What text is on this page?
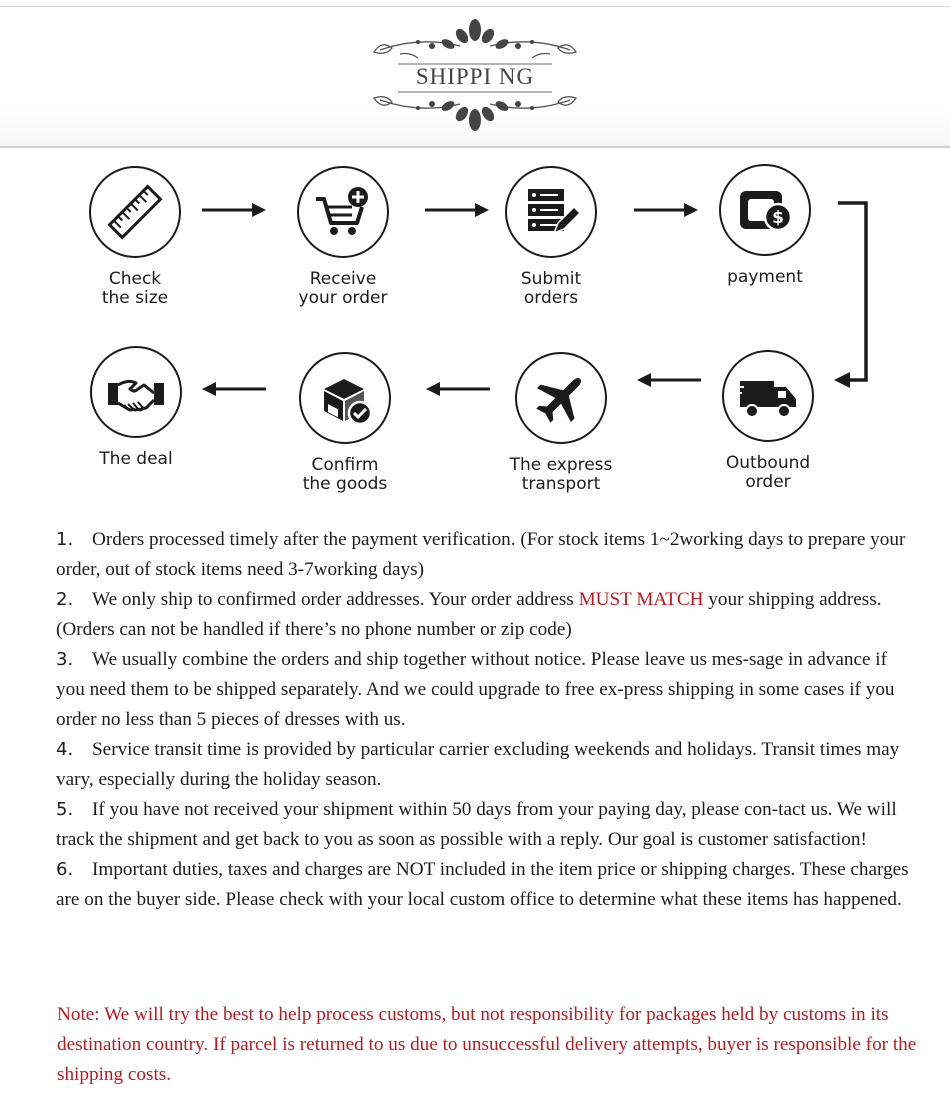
SHIPPI NG
Check
the size
Receive
your order
Submit
orders
$
payment
Outbound
order
The express
transport
Confirm
the goods
The deal
1. Orders processed timely after the payment verification. (For stock items 1~2working days to prepare your order, out of stock items need 3-7working days)
2. We only ship to confirmed order addresses. Your order address MUST MATCH your shipping address. (Orders can not be handled if there’s no phone number or zip code)
3. We usually combine the orders and ship together without notice. Please leave us mes-sage in advance if you need them to be shipped separately. And we could upgrade to free ex-press shipping in some cases if you order no less than 5 pieces of dresses with us.
4. Service transit time is provided by particular carrier excluding weekends and holidays. Transit times may vary, especially during the holiday season.
5. If you have not received your shipment within 50 days from your paying day, please con-tact us. We will track the shipment and get back to you as soon as possible with a reply. Our goal is customer satisfaction!
6. Important duties, taxes and charges are NOT included in the item price or shipping charges. These charges are on the buyer side. Please check with your local custom office to determine what these items has happened.
Note: We will try the best to help process customs, but not responsibility for packages held by customs in its destination country. If parcel is returned to us due to unsuccessful delivery attempts, buyer is responsible for the shipping costs.
